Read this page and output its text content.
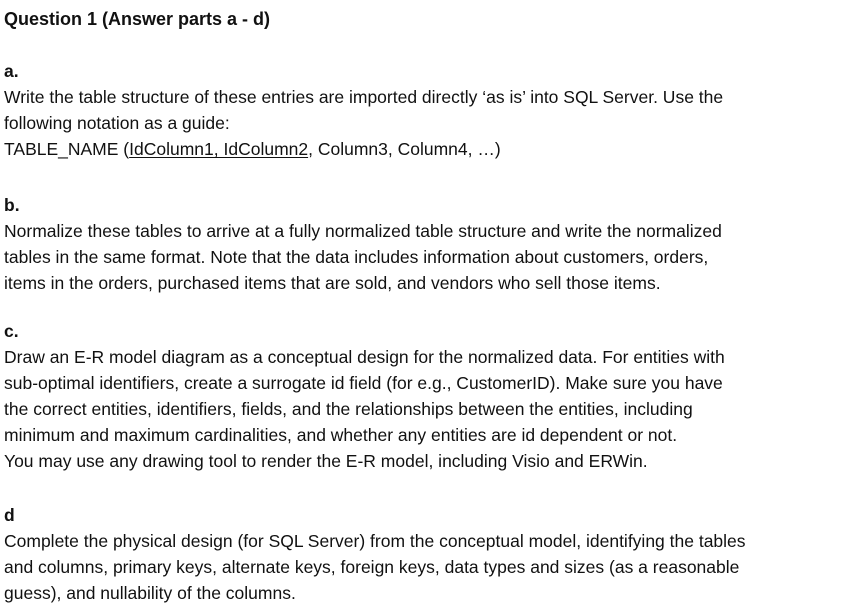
Question 1 (Answer parts a - d)

a.

Write the table structure of these entries are imported directly ‘as is’ into SQL Server. Use the

following notation as a guide:

TABLE_NAME (IdColumn1, IdColumn2, Column3, Column4, …)

b.

Normalize these tables to arrive at a fully normalized table structure and write the normalized

tables in the same format. Note that the data includes information about customers, orders,

items in the orders, purchased items that are sold, and vendors who sell those items.

c.

Draw an E-R model diagram as a conceptual design for the normalized data. For entities with

sub-optimal identifiers, create a surrogate id field (for e.g., CustomerID). Make sure you have

the correct entities, identifiers, fields, and the relationships between the entities, including

minimum and maximum cardinalities, and whether any entities are id dependent or not.

You may use any drawing tool to render the E-R model, including Visio and ERWin.

d

Complete the physical design (for SQL Server) from the conceptual model, identifying the tables

and columns, primary keys, alternate keys, foreign keys, data types and sizes (as a reasonable

guess), and nullability of the columns.
